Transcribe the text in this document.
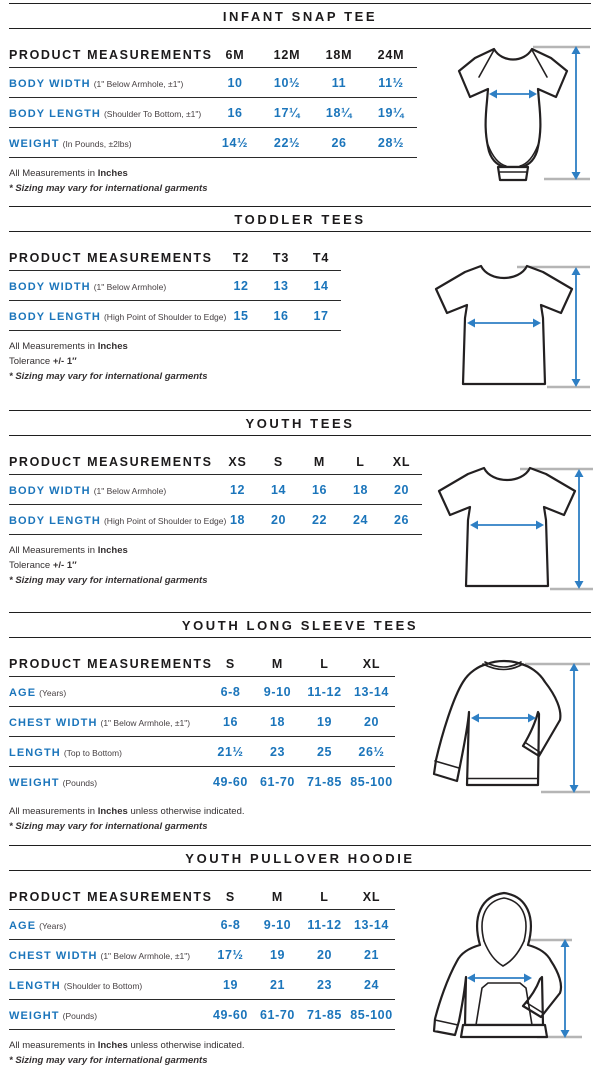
INFANT SNAP TEE
PRODUCT MEASUREMENTS	6M	12M	18M	24M
BODY WIDTH (1" Below Armhole, ±1")	10	10½	11	11½
BODY LENGTH (Shoulder To Bottom, ±1")	16	17¼	18¼	19¼
WEIGHT (In Pounds, ±2lbs)	14½	22½	26	28½
All Measurements in Inches
* Sizing may vary for international garments
TODDLER TEES
PRODUCT MEASUREMENTS	T2	T3	T4
BODY WIDTH (1" Below Armhole)	12	13	14
BODY LENGTH (High Point of Shoulder to Edge)	15	16	17
All Measurements in Inches
Tolerance +/- 1″
* Sizing may vary for international garments
YOUTH TEES
PRODUCT MEASUREMENTS	XS	S	M	L	XL
BODY WIDTH (1" Below Armhole)	12	14	16	18	20
BODY LENGTH (High Point of Shoulder to Edge)	18	20	22	24	26
All Measurements in Inches
Tolerance +/- 1″
* Sizing may vary for international garments
YOUTH LONG SLEEVE TEES
PRODUCT MEASUREMENTS	S	M	L	XL
AGE (Years)	6-8	9-10	11-12	13-14
CHEST WIDTH (1" Below Armhole, ±1")	16	18	19	20
LENGTH (Top to Bottom)	21½	23	25	26½
WEIGHT (Pounds)	49-60	61-70	71-85	85-100
All measurements in Inches unless otherwise indicated.
* Sizing may vary for international garments
YOUTH PULLOVER HOODIE
PRODUCT MEASUREMENTS	S	M	L	XL
AGE (Years)	6-8	9-10	11-12	13-14
CHEST WIDTH (1" Below Armhole, ±1")	17½	19	20	21
LENGTH (Shoulder to Bottom)	19	21	23	24
WEIGHT (Pounds)	49-60	61-70	71-85	85-100
All measurements in Inches unless otherwise indicated.
* Sizing may vary for international garments
